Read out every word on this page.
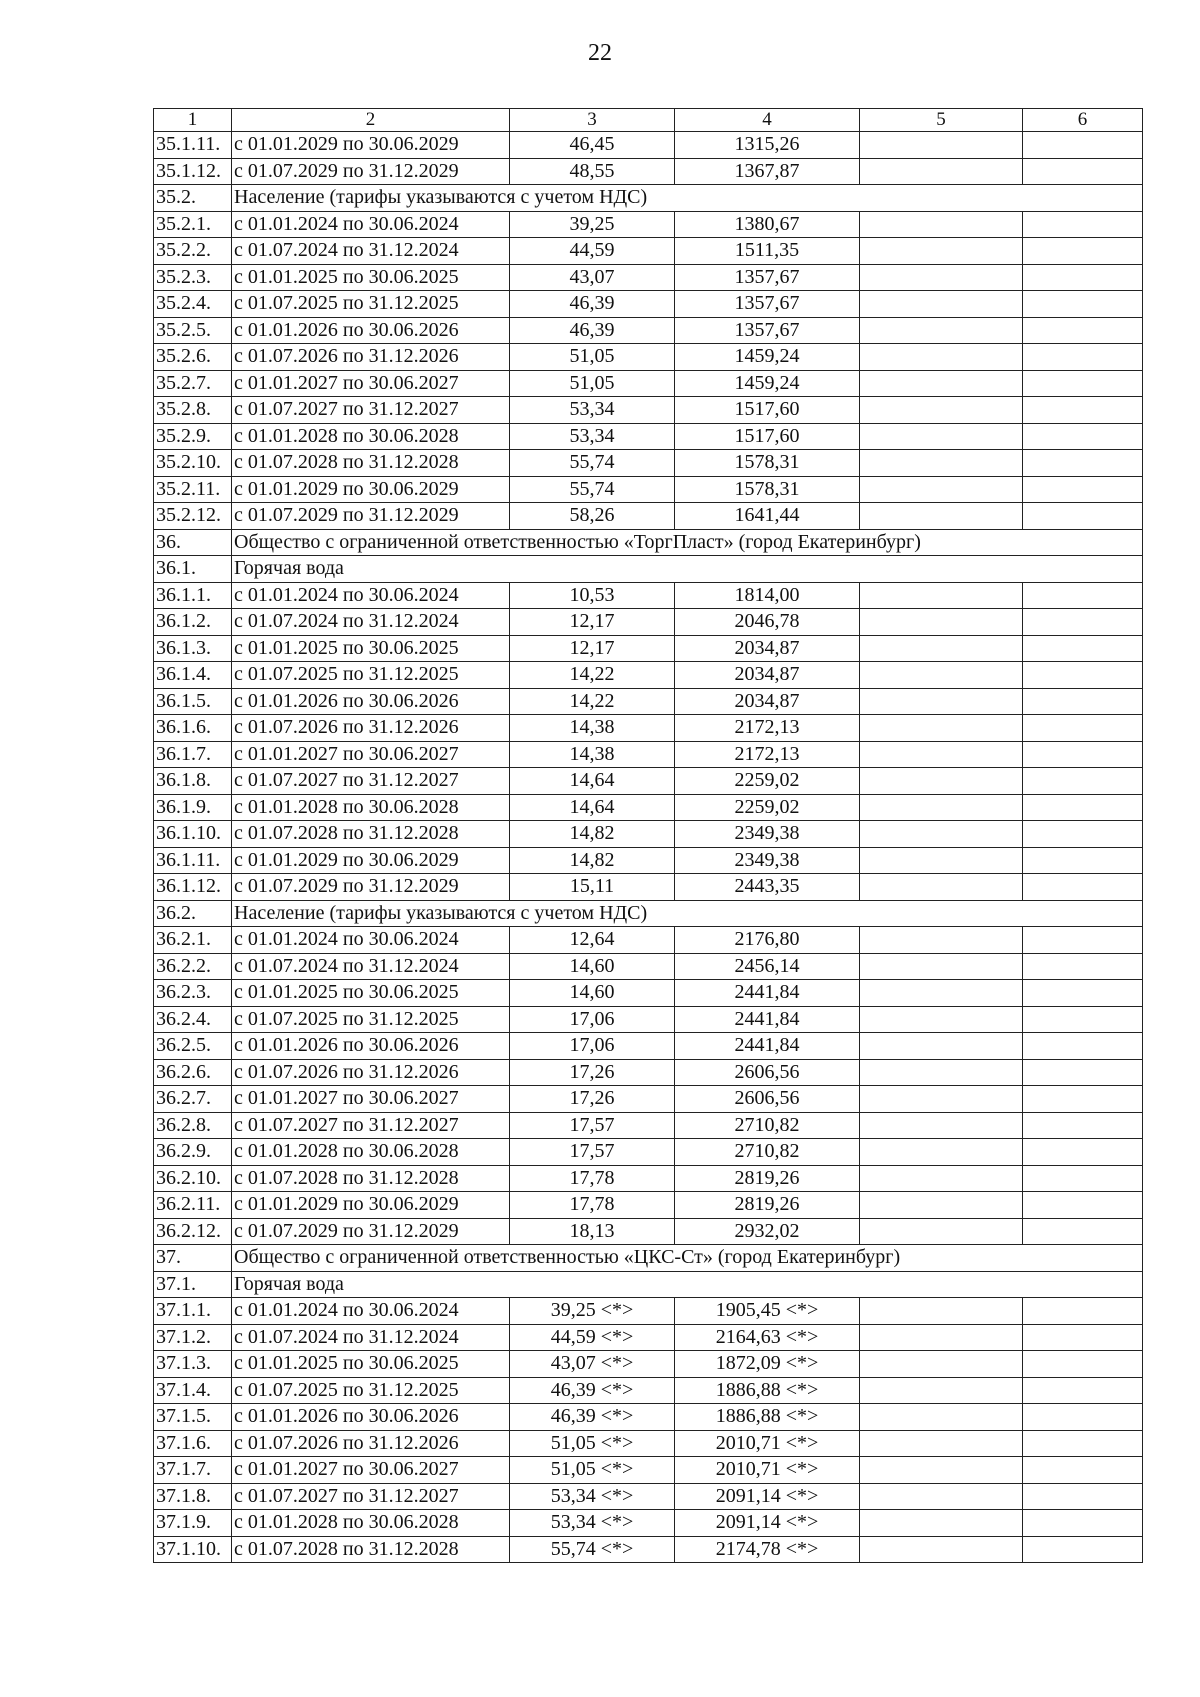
22
1	2	3	4	5	6
35.1.11.	с 01.01.2029 по 30.06.2029	46,45	1315,26		
35.1.12.	с 01.07.2029 по 31.12.2029	48,55	1367,87		
35.2.	Население (тарифы указываются с учетом НДС)				
35.2.1.	с 01.01.2024 по 30.06.2024	39,25	1380,67		
35.2.2.	с 01.07.2024 по 31.12.2024	44,59	1511,35		
35.2.3.	с 01.01.2025 по 30.06.2025	43,07	1357,67		
35.2.4.	с 01.07.2025 по 31.12.2025	46,39	1357,67		
35.2.5.	с 01.01.2026 по 30.06.2026	46,39	1357,67		
35.2.6.	с 01.07.2026 по 31.12.2026	51,05	1459,24		
35.2.7.	с 01.01.2027 по 30.06.2027	51,05	1459,24		
35.2.8.	с 01.07.2027 по 31.12.2027	53,34	1517,60		
35.2.9.	с 01.01.2028 по 30.06.2028	53,34	1517,60		
35.2.10.	с 01.07.2028 по 31.12.2028	55,74	1578,31		
35.2.11.	с 01.01.2029 по 30.06.2029	55,74	1578,31		
35.2.12.	с 01.07.2029 по 31.12.2029	58,26	1641,44		
36.	Общество с ограниченной ответственностью «ТоргПласт» (город Екатеринбург)				
36.1.	Горячая вода				
36.1.1.	с 01.01.2024 по 30.06.2024	10,53	1814,00		
36.1.2.	с 01.07.2024 по 31.12.2024	12,17	2046,78		
36.1.3.	с 01.01.2025 по 30.06.2025	12,17	2034,87		
36.1.4.	с 01.07.2025 по 31.12.2025	14,22	2034,87		
36.1.5.	с 01.01.2026 по 30.06.2026	14,22	2034,87		
36.1.6.	с 01.07.2026 по 31.12.2026	14,38	2172,13		
36.1.7.	с 01.01.2027 по 30.06.2027	14,38	2172,13		
36.1.8.	с 01.07.2027 по 31.12.2027	14,64	2259,02		
36.1.9.	с 01.01.2028 по 30.06.2028	14,64	2259,02		
36.1.10.	с 01.07.2028 по 31.12.2028	14,82	2349,38		
36.1.11.	с 01.01.2029 по 30.06.2029	14,82	2349,38		
36.1.12.	с 01.07.2029 по 31.12.2029	15,11	2443,35		
36.2.	Население (тарифы указываются с учетом НДС)				
36.2.1.	с 01.01.2024 по 30.06.2024	12,64	2176,80		
36.2.2.	с 01.07.2024 по 31.12.2024	14,60	2456,14		
36.2.3.	с 01.01.2025 по 30.06.2025	14,60	2441,84		
36.2.4.	с 01.07.2025 по 31.12.2025	17,06	2441,84		
36.2.5.	с 01.01.2026 по 30.06.2026	17,06	2441,84		
36.2.6.	с 01.07.2026 по 31.12.2026	17,26	2606,56		
36.2.7.	с 01.01.2027 по 30.06.2027	17,26	2606,56		
36.2.8.	с 01.07.2027 по 31.12.2027	17,57	2710,82		
36.2.9.	с 01.01.2028 по 30.06.2028	17,57	2710,82		
36.2.10.	с 01.07.2028 по 31.12.2028	17,78	2819,26		
36.2.11.	с 01.01.2029 по 30.06.2029	17,78	2819,26		
36.2.12.	с 01.07.2029 по 31.12.2029	18,13	2932,02		
37.	Общество с ограниченной ответственностью «ЦКС-Ст» (город Екатеринбург)				
37.1.	Горячая вода				
37.1.1.	с 01.01.2024 по 30.06.2024	39,25 <*>	1905,45 <*>		
37.1.2.	с 01.07.2024 по 31.12.2024	44,59 <*>	2164,63 <*>		
37.1.3.	с 01.01.2025 по 30.06.2025	43,07 <*>	1872,09 <*>		
37.1.4.	с 01.07.2025 по 31.12.2025	46,39 <*>	1886,88 <*>		
37.1.5.	с 01.01.2026 по 30.06.2026	46,39 <*>	1886,88 <*>		
37.1.6.	с 01.07.2026 по 31.12.2026	51,05 <*>	2010,71 <*>		
37.1.7.	с 01.01.2027 по 30.06.2027	51,05 <*>	2010,71 <*>		
37.1.8.	с 01.07.2027 по 31.12.2027	53,34 <*>	2091,14 <*>		
37.1.9.	с 01.01.2028 по 30.06.2028	53,34 <*>	2091,14 <*>		
37.1.10.	с 01.07.2028 по 31.12.2028	55,74 <*>	2174,78 <*>		
